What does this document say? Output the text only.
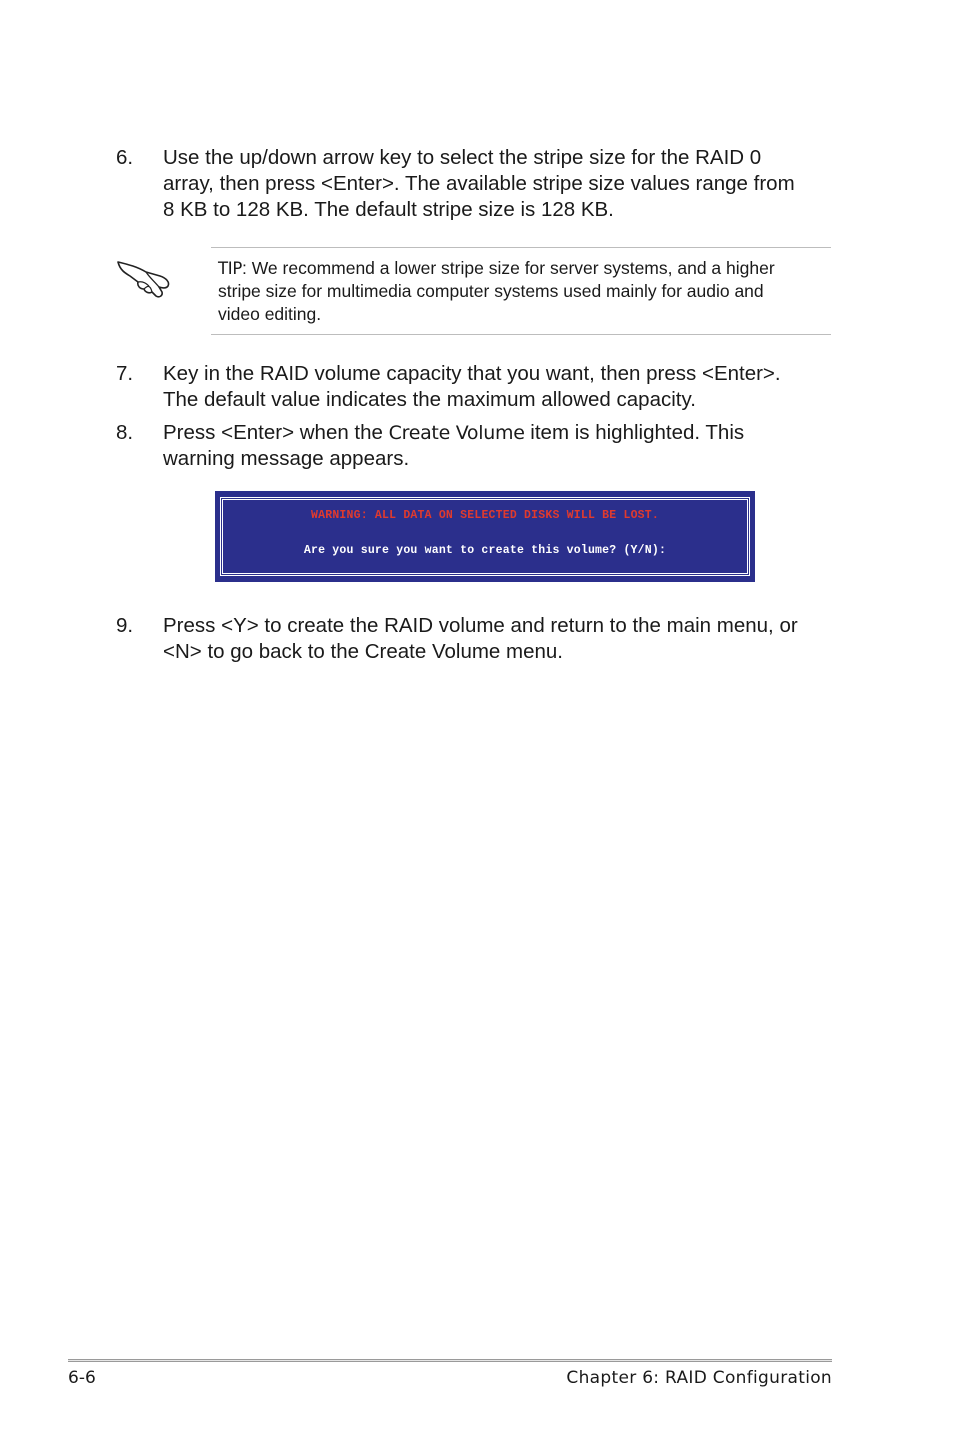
6.	Use the up/down arrow key to select the stripe size for the RAID 0
array, then press <Enter>. The available stripe size values range from
8 KB to 128 KB. The default stripe size is 128 KB.
TIP: We recommend a lower stripe size for server systems, and a higher
stripe size for multimedia computer systems used mainly for audio and
video editing.
7.	Key in the RAID volume capacity that you want, then press <Enter>.
The default value indicates the maximum allowed capacity.
8.	Press <Enter> when the Create Volume item is highlighted. This
warning message appears.
WARNING: ALL DATA ON SELECTED DISKS WILL BE LOST.
Are you sure you want to create this volume? (Y/N):
9.	Press <Y> to create the RAID volume and return to the main menu, or
<N> to go back to the Create Volume menu.
6-6	Chapter 6: RAID Configuration
